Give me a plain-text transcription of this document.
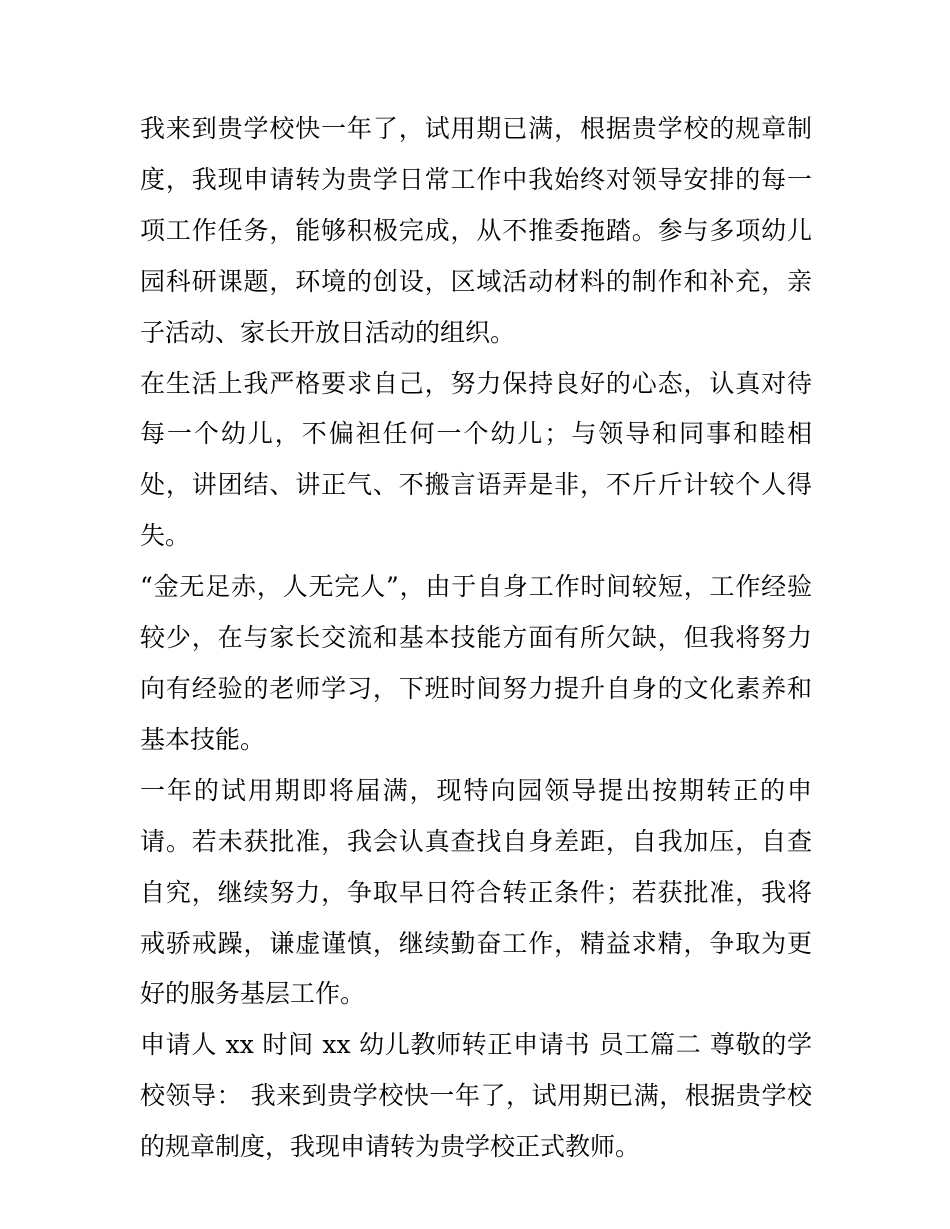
我来到贵学校快一年了，试用期已满，根据贵学校的规章制度，我现申请转为贵学日常工作中我始终对领导安排的每一项工作任务，能够积极完成，从不推委拖踏。参与多项幼儿园科研课题，环境的创设，区域活动材料的制作和补充，亲子活动、家长开放日活动的组织。

在生活上我严格要求自己，努力保持良好的心态，认真对待每一个幼儿，不偏袒任何一个幼儿；与领导和同事和睦相处，讲团结、讲正气、不搬言语弄是非，不斤斤计较个人得失。

“金无足赤，人无完人”，由于自身工作时间较短，工作经验较少，在与家长交流和基本技能方面有所欠缺，但我将努力向有经验的老师学习，下班时间努力提升自身的文化素养和基本技能。

一年的试用期即将届满，现特向园领导提出按期转正的申请。若未获批准，我会认真查找自身差距，自我加压，自查自究，继续努力，争取早日符合转正条件；若获批准，我将戒骄戒躁，谦虚谨慎，继续勤奋工作，精益求精，争取为更好的服务基层工作。

申请人 xx 时间 xx 幼儿教师转正申请书 员工篇二 尊敬的学校领导： 我来到贵学校快一年了，试用期已满，根据贵学校的规章制度，我现申请转为贵学校正式教师。
